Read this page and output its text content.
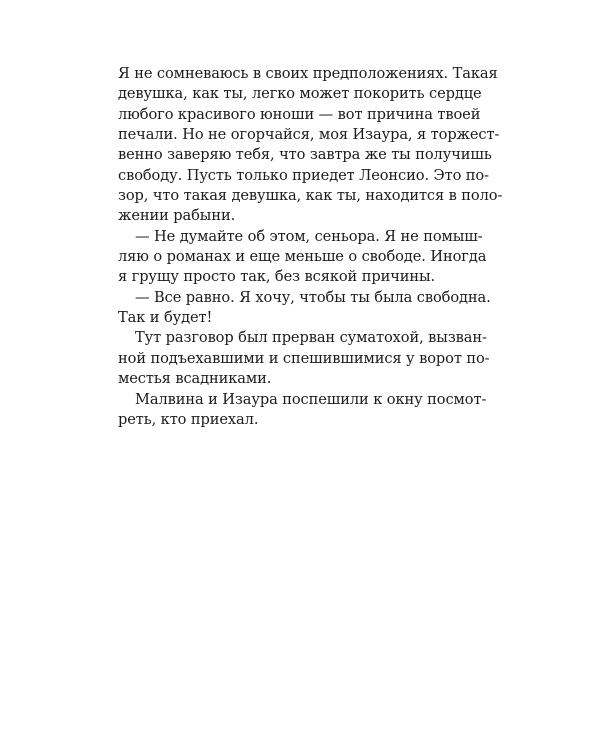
Я не сомневаюсь в своих предположениях. Такая
девушка, как ты, легко может покорить сердце
любого красивого юноши — вот причина твоей
печали. Но не огорчайся, моя Изаура, я торжест-
венно заверяю тебя, что завтра же ты получишь
свободу. Пусть только приедет Леонсио. Это по-
зор, что такая девушка, как ты, находится в поло-
жении рабыни.
— Не думайте об этом, сеньора. Я не помыш-
ляю о романах и еще меньше о свободе. Иногда
я грущу просто так, без всякой причины.
— Все равно. Я хочу, чтобы ты была свободна.
Так и будет!
Тут разговор был прерван суматохой, вызван-
ной подъехавшими и спешившимися у ворот по-
местья всадниками.
Малвина и Изаура поспешили к окну посмот-
реть, кто приехал.
